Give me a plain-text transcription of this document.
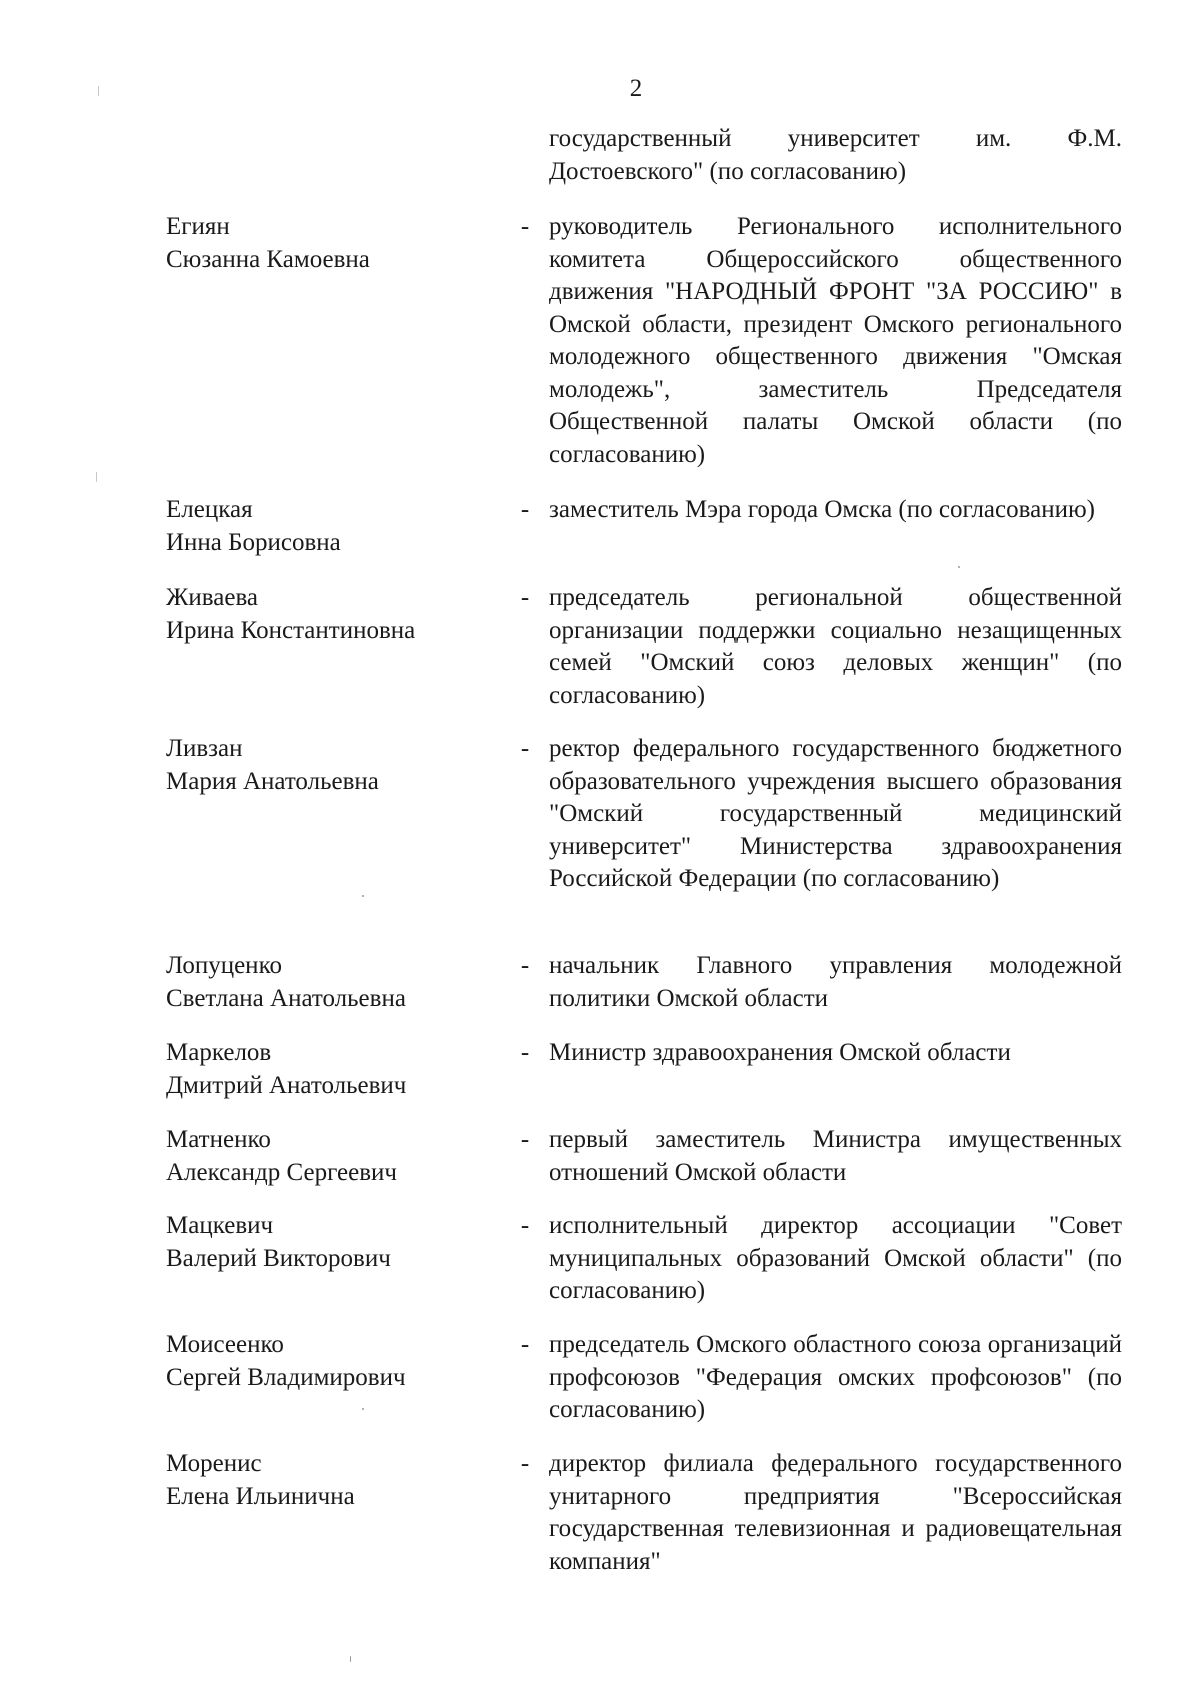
2
государственный университет им. Ф.М. Достоевского" (по согласованию)
Егиян
Сюзанна Камоевна
- руководитель Регионального исполнительного комитета Общероссийского общественного движения "НАРОДНЫЙ ФРОНТ "ЗА РОССИЮ" в Омской области, президент Омского регионального молодежного общественного движения "Омская молодежь", заместитель Председателя Общественной палаты Омской области (по согласованию)
Елецкая
Инна Борисовна
- заместитель Мэра города Омска (по согласованию)
Живаева
Ирина Константиновна
- председатель региональной общественной организации поддержки социально незащищенных семей "Омский союз деловых женщин" (по согласованию)
Ливзан
Мария Анатольевна
- ректор федерального государственного бюджетного образовательного учреждения высшего образования "Омский государственный медицинский университет" Министерства здравоохранения Российской Федерации (по согласованию)
Лопуценко
Светлана Анатольевна
- начальник Главного управления молодежной политики Омской области
Маркелов
Дмитрий Анатольевич
- Министр здравоохранения Омской области
Матненко
Александр Сергеевич
- первый заместитель Министра имущественных отношений Омской области
Мацкевич
Валерий Викторович
- исполнительный директор ассоциации "Совет муниципальных образований Омской области" (по согласованию)
Моисеенко
Сергей Владимирович
- председатель Омского областного союза организаций профсоюзов "Федерация омских профсоюзов" (по согласованию)
Моренис
Елена Ильинична
- директор филиала федерального государственного унитарного предприятия "Всероссийская государственная телевизионная и радиовещательная компания"
